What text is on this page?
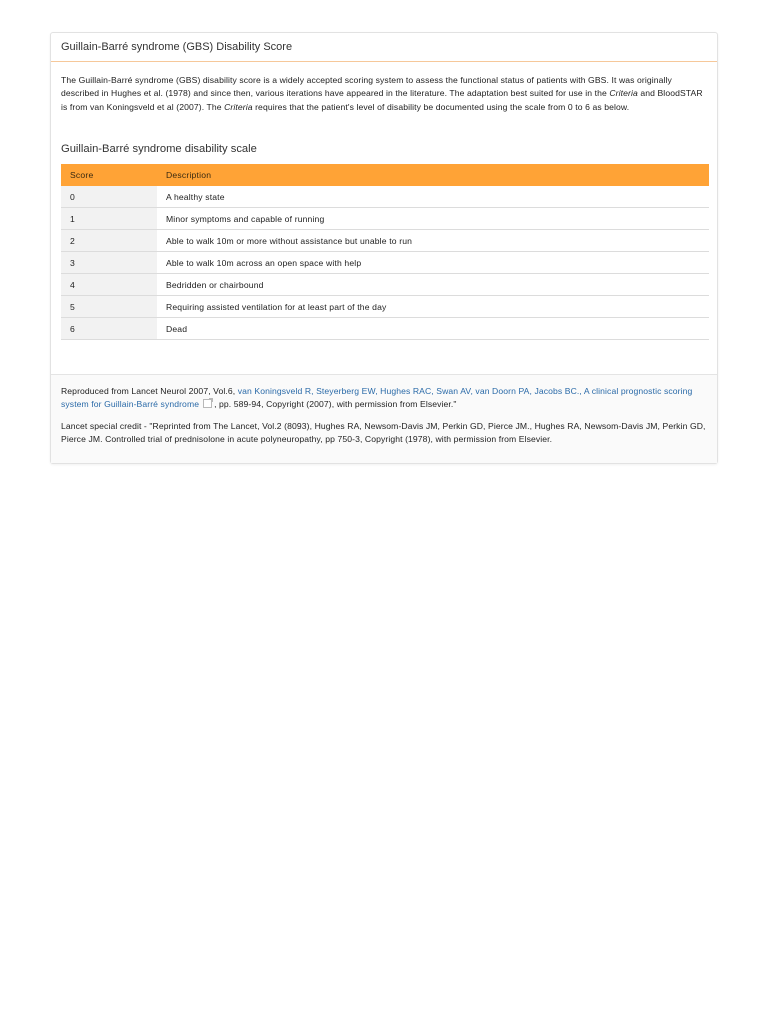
Guillain-Barré syndrome (GBS) Disability Score

The Guillain-Barré syndrome (GBS) disability score is a widely accepted scoring system to assess the functional status of patients with GBS. It was originally described in Hughes et al. (1978) and since then, various iterations have appeared in the literature. The adaptation best suited for use in the Criteria and BloodSTAR is from van Koningsveld et al (2007). The Criteria requires that the patient's level of disability be documented using the scale from 0 to 6 as below.

Guillain-Barré syndrome disability scale
Score	Description
0	A healthy state
1	Minor symptoms and capable of running
2	Able to walk 10m or more without assistance but unable to run
3	Able to walk 10m across an open space with help
4	Bedridden or chairbound
5	Requiring assisted ventilation for at least part of the day
6	Dead

Reproduced from Lancet Neurol 2007, Vol.6, van Koningsveld R, Steyerberg EW, Hughes RAC, Swan AV, van Doorn PA, Jacobs BC., A clinical prognostic scoring system for Guillain-Barré syndrome , pp. 589-94, Copyright (2007), with permission from Elsevier."

Lancet special credit - "Reprinted from The Lancet, Vol.2 (8093), Hughes RA, Newsom-Davis JM, Perkin GD, Pierce JM., Hughes RA, Newsom-Davis JM, Perkin GD, Pierce JM. Controlled trial of prednisolone in acute polyneuropathy, pp 750-3, Copyright (1978), with permission from Elsevier.
